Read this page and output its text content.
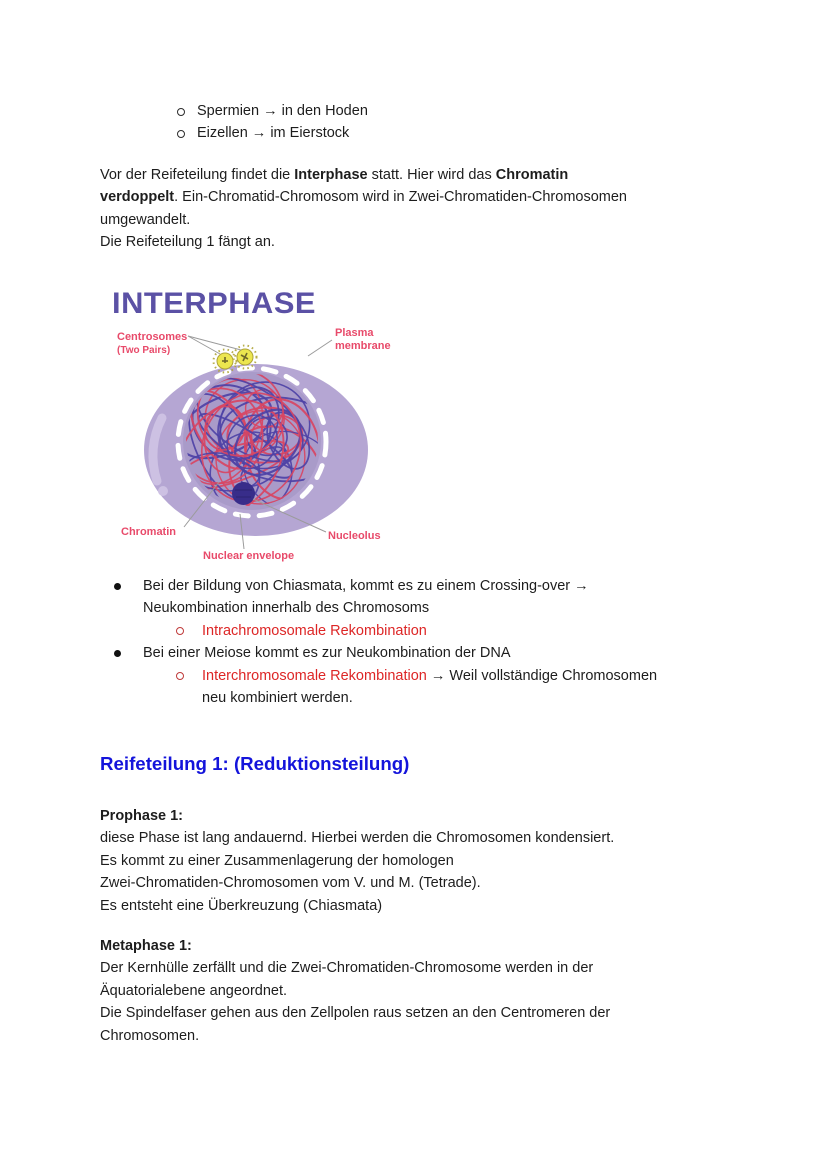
Spermien → in den Hoden
Eizellen → im Eierstock
Vor der Reifeteilung findet die Interphase statt. Hier wird das Chromatin
verdoppelt. Ein-Chromatid-Chromosom wird in Zwei-Chromatiden-Chromosomen
umgewandelt.
Die Reifeteilung 1 fängt an.
INTERPHASE
Centrosomes
(Two Pairs)
Plasma
membrane
Chromatin
Nuclear envelope
Nucleolus
Bei der Bildung von Chiasmata, kommt es zu einem Crossing-over →
Neukombination innerhalb des Chromosoms
Intrachromosomale Rekombination
Bei einer Meiose kommt es zur Neukombination der DNA
Interchromosomale Rekombination → Weil vollständige Chromosomen
neu kombiniert werden.
Reifeteilung 1: (Reduktionsteilung)
Prophase 1:
diese Phase ist lang andauernd. Hierbei werden die Chromosomen kondensiert.
Es kommt zu einer Zusammenlagerung der homologen
Zwei-Chromatiden-Chromosomen vom V. und M. (Tetrade).
Es entsteht eine Überkreuzung (Chiasmata)
Metaphase 1:
Der Kernhülle zerfällt und die Zwei-Chromatiden-Chromosome werden in der
Äquatorialebene angeordnet.
Die Spindelfaser gehen aus den Zellpolen raus setzen an den Centromeren der
Chromosomen.
